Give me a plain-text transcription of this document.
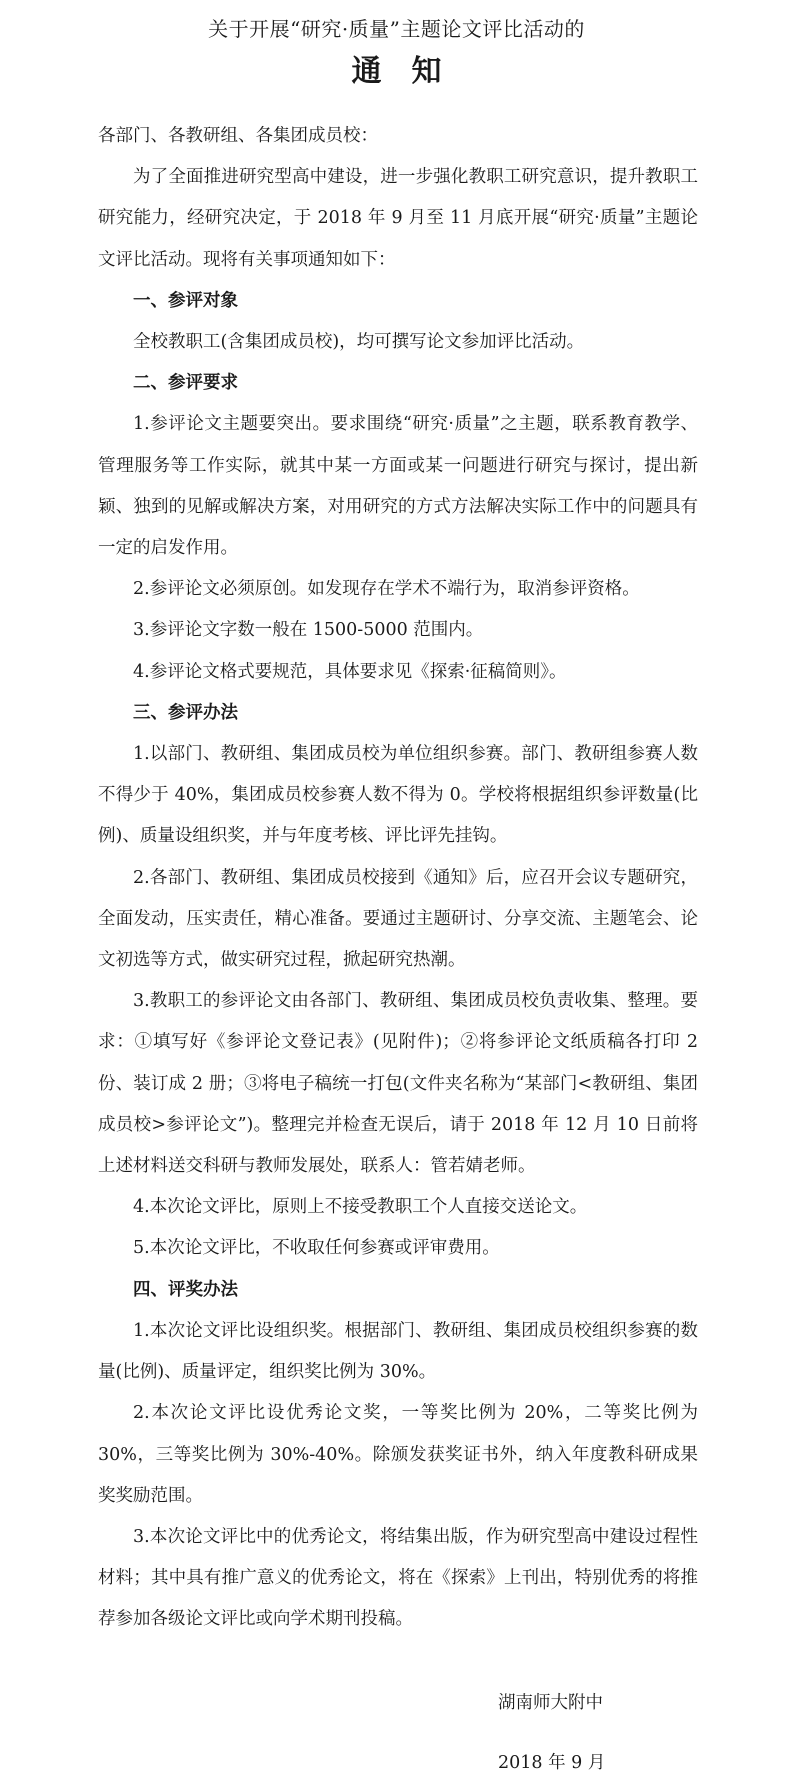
关于开展“研究·质量”主题论文评比活动的
通知

各部门、各教研组、各集团成员校：

为了全面推进研究型高中建设，进一步强化教职工研究意识，提升教职工研究能力，经研究决定，于 2018 年 9 月至 11 月底开展“研究·质量”主题论文评比活动。现将有关事项通知如下：

一、参评对象

全校教职工(含集团成员校)，均可撰写论文参加评比活动。

二、参评要求

1.参评论文主题要突出。要求围绕“研究·质量”之主题，联系教育教学、管理服务等工作实际，就其中某一方面或某一问题进行研究与探讨，提出新颖、独到的见解或解决方案，对用研究的方式方法解决实际工作中的问题具有一定的启发作用。

2.参评论文必须原创。如发现存在学术不端行为，取消参评资格。

3.参评论文字数一般在 1500-5000 范围内。

4.参评论文格式要规范，具体要求见《探索·征稿简则》。

三、参评办法

1.以部门、教研组、集团成员校为单位组织参赛。部门、教研组参赛人数不得少于 40%，集团成员校参赛人数不得为 0。学校将根据组织参评数量(比例)、质量设组织奖，并与年度考核、评比评先挂钩。

2.各部门、教研组、集团成员校接到《通知》后，应召开会议专题研究，全面发动，压实责任，精心准备。要通过主题研讨、分享交流、主题笔会、论文初选等方式，做实研究过程，掀起研究热潮。

3.教职工的参评论文由各部门、教研组、集团成员校负责收集、整理。要求：①填写好《参评论文登记表》(见附件)；②将参评论文纸质稿各打印 2 份、装订成 2 册；③将电子稿统一打包(文件夹名称为“某部门<教研组、集团成员校>参评论文”)。整理完并检查无误后，请于 2018 年 12 月 10 日前将上述材料送交科研与教师发展处，联系人：管若婧老师。

4.本次论文评比，原则上不接受教职工个人直接交送论文。

5.本次论文评比，不收取任何参赛或评审费用。

四、评奖办法

1.本次论文评比设组织奖。根据部门、教研组、集团成员校组织参赛的数量(比例)、质量评定，组织奖比例为 30%。

2.本次论文评比设优秀论文奖，一等奖比例为 20%，二等奖比例为 30%，三等奖比例为 30%-40%。除颁发获奖证书外，纳入年度教科研成果奖奖励范围。

3.本次论文评比中的优秀论文，将结集出版，作为研究型高中建设过程性材料；其中具有推广意义的优秀论文，将在《探索》上刊出，特别优秀的将推荐参加各级论文评比或向学术期刊投稿。

湖南师大附中
2018 年 9 月
